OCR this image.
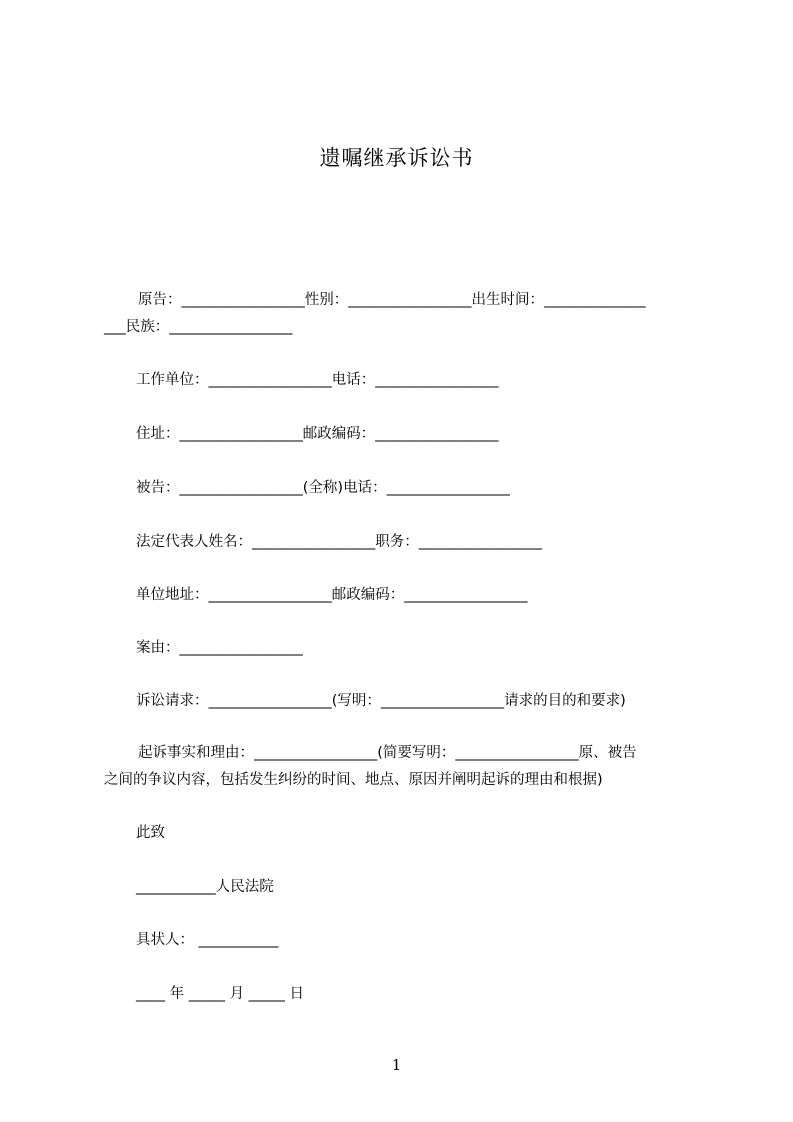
遗嘱继承诉讼书
原告：_________________性别：_________________出生时间：______________
___民族：_________________
工作单位：_________________电话：_________________
住址：_________________邮政编码：_________________
被告：_________________(全称)电话：_________________
法定代表人姓名：_________________职务：_________________
单位地址：_________________邮政编码：_________________
案由：_________________
诉讼请求：_________________(写明：_________________请求的目的和要求)
起诉事实和理由：_________________(简要写明：_________________原、被告
之间的争议内容，包括发生纠纷的时间、地点、原因并阐明起诉的理由和根据)
此致
___________人民法院
具状人： ___________
____ 年 _____ 月 _____ 日
1
